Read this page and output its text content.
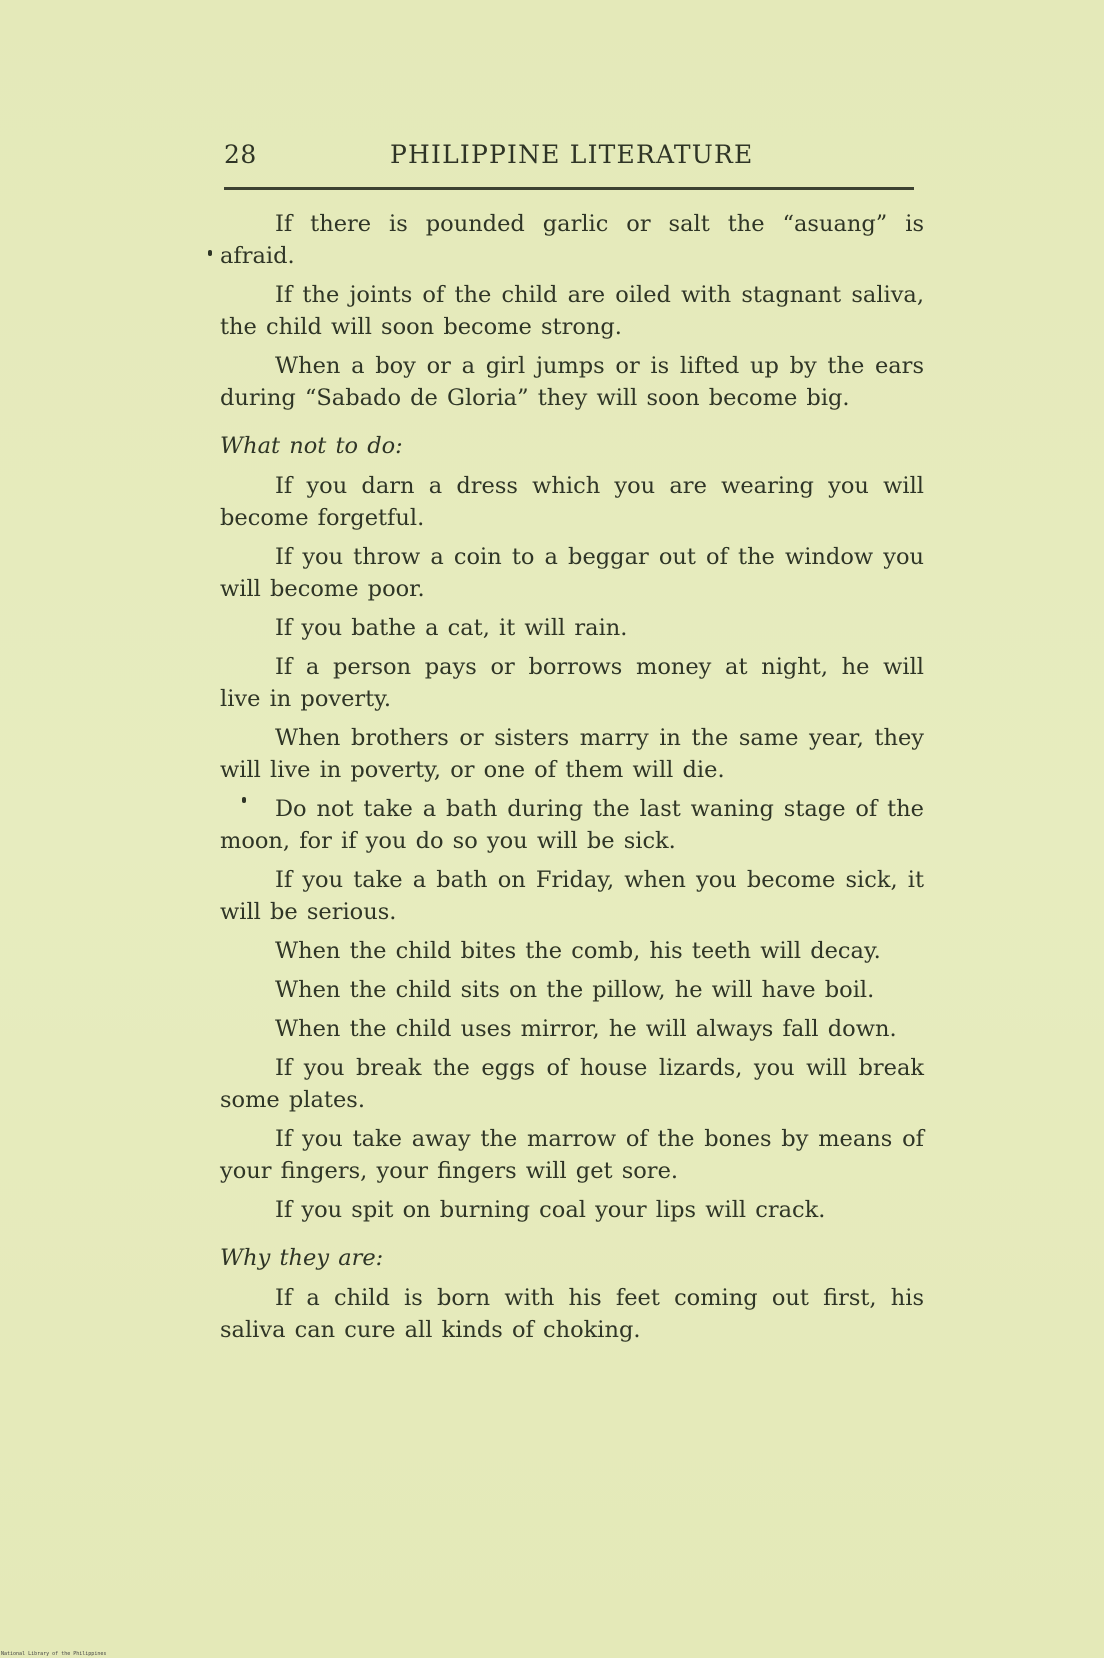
28	PHILIPPINE LITERATURE

If there is pounded garlic or salt the “asuang” is afraid.

If the joints of the child are oiled with stagnant saliva, the child will soon become strong.

When a boy or a girl jumps or is lifted up by the ears during “Sabado de Gloria” they will soon become big.

What not to do:

If you darn a dress which you are wearing you will become forgetful.

If you throw a coin to a beggar out of the window you will become poor.

If you bathe a cat, it will rain.

If a person pays or borrows money at night, he will live in poverty.

When brothers or sisters marry in the same year, they will live in poverty, or one of them will die.

Do not take a bath during the last waning stage of the moon, for if you do so you will be sick.

If you take a bath on Friday, when you become sick, it will be serious.

When the child bites the comb, his teeth will decay.

When the child sits on the pillow, he will have boil.

When the child uses mirror, he will always fall down.

If you break the eggs of house lizards, you will break some plates.

If you take away the marrow of the bones by means of your fingers, your fingers will get sore.

If you spit on burning coal your lips will crack.

Why they are:

If a child is born with his feet coming out first, his saliva can cure all kinds of choking.

National Library of the Philippines
